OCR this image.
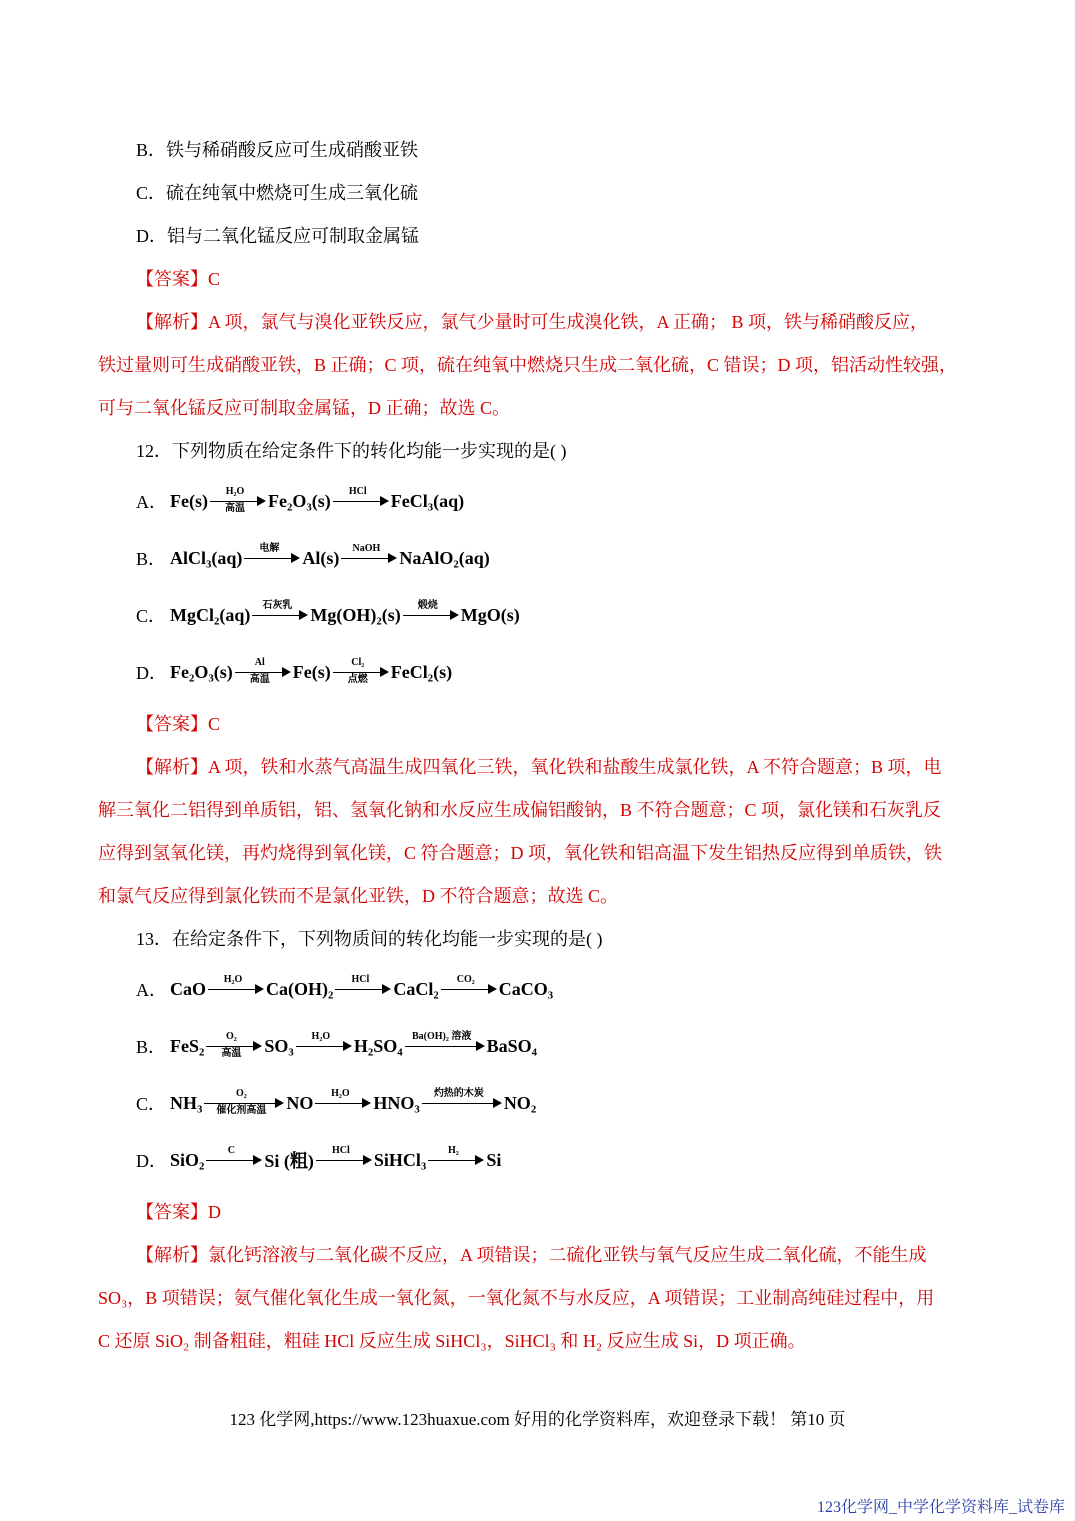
B．铁与稀硝酸反应可生成硝酸亚铁
C．硫在纯氧中燃烧可生成三氧化硫
D．铝与二氧化锰反应可制取金属锰
【答案】C
【解析】A 项，氯气与溴化亚铁反应，氯气少量时可生成溴化铁，A 正确； B 项，铁与稀硝酸反应，
铁过量则可生成硝酸亚铁，B 正确；C 项，硫在纯氧中燃烧只生成二氧化硫，C 错误；D 项，铝活动性较强，
可与二氧化锰反应可制取金属锰，D 正确；故选 C。
12．下列物质在给定条件下的转化均能一步实现的是( )
A． Fe(s)	H₂O
高温	Fe₂O₃(s)	HCl	FeCl₃(aq)
B． AlCl₃(aq)	电解	Al(s)	NaOH	NaAlO₂(aq)
C． MgCl₂(aq)	石灰乳	Mg(OH)₂(s)	煅烧	MgO(s)
D． Fe₂O₃(s)	Al
高温	Fe(s)	Cl₂
点燃	FeCl₂(s)
【答案】C
【解析】A 项，铁和水蒸气高温生成四氧化三铁，氧化铁和盐酸生成氯化铁，A 不符合题意；B 项，电
解三氧化二铝得到单质铝，铝、氢氧化钠和水反应生成偏铝酸钠，B 不符合题意；C 项，氯化镁和石灰乳反
应得到氢氧化镁，再灼烧得到氧化镁，C 符合题意；D 项，氧化铁和铝高温下发生铝热反应得到单质铁，铁
和氯气反应得到氯化铁而不是氯化亚铁，D 不符合题意；故选 C。
13．在给定条件下，下列物质间的转化均能一步实现的是( )
A． CaO	H₂O	Ca(OH)₂	HCl	CaCl₂	CO₂	CaCO₃
B． FeS₂	O₂
高温	SO₃	H₂O	H₂SO₄ Ba(OH)₂ 溶液 BaSO₄
C． NH₃	O₂
催化剂高温	NO	H₂O	HNO₃	灼热的木炭	NO₂
D． SiO₂	C
Si (粗)
HCl	SiHCl₃	H₂	Si
【答案】D
【解析】氯化钙溶液与二氧化碳不反应，A 项错误；二硫化亚铁与氧气反应生成二氧化硫，不能生成
SO₃，B 项错误；氨气催化氧化生成一氧化氮，一氧化氮不与水反应，A 项错误；工业制高纯硅过程中，用
C 还原 SiO₂ 制备粗硅，粗硅 HCl 反应生成 SiHCl₃，SiHCl₃ 和 H₂ 反应生成 Si，D 项正确。
123 化学网,https://www.123huaxue.com 好用的化学资料库，欢迎登录下载！ 第10 页
123化学网_中学化学资料库_试卷库
